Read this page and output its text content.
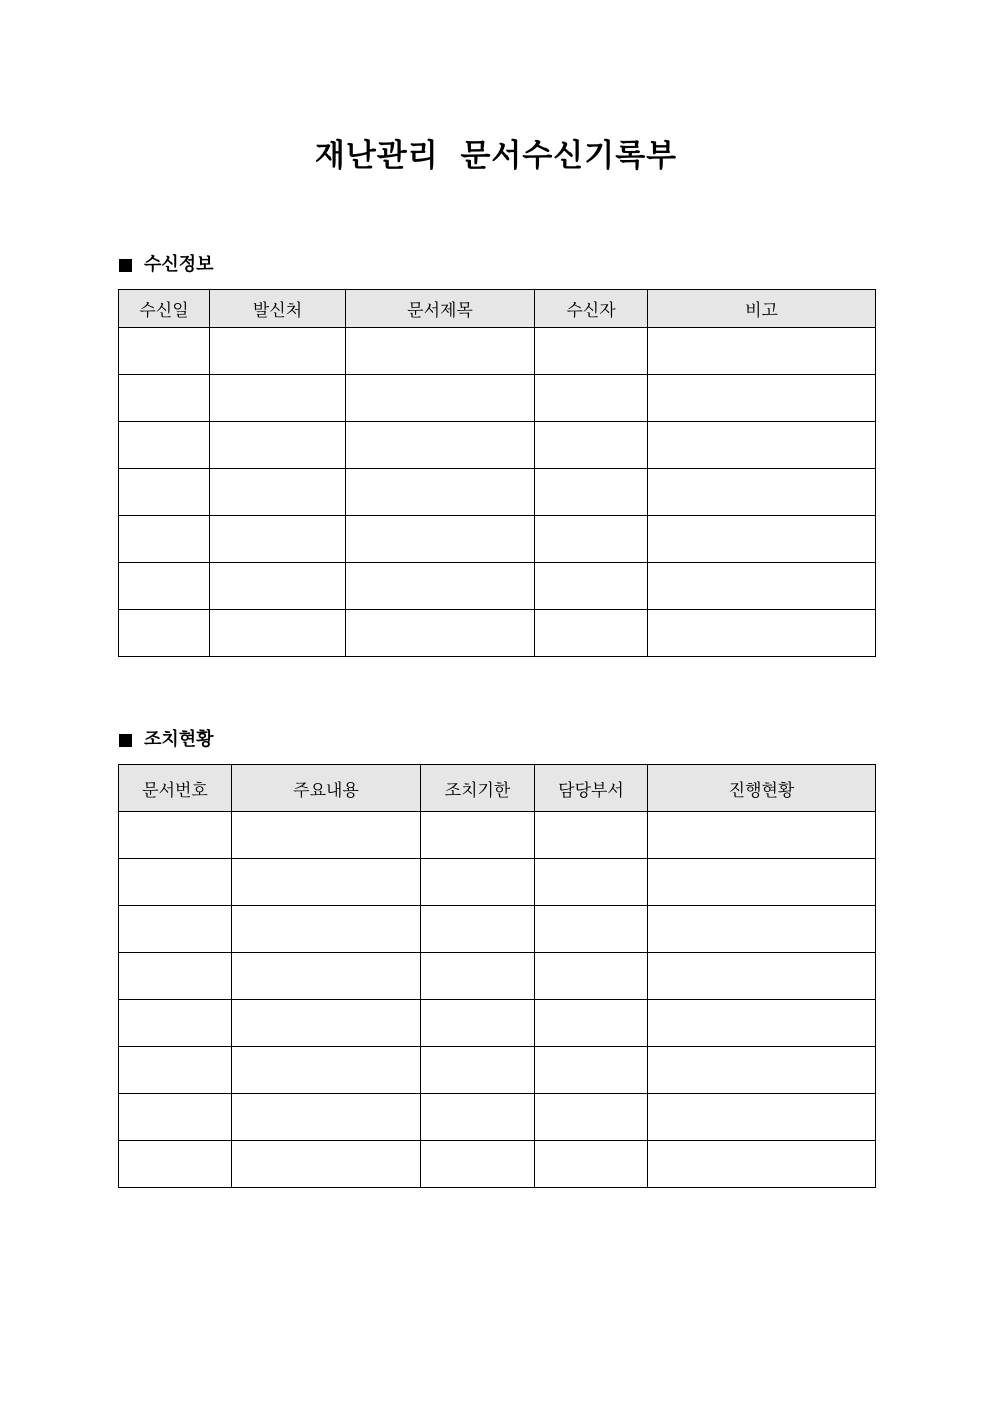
재난관리 문서수신기록부
수신정보
수신일	발신처	문서제목	수신자	비고

조치현황
문서번호	주요내용	조치기한	담당부서	진행현황
